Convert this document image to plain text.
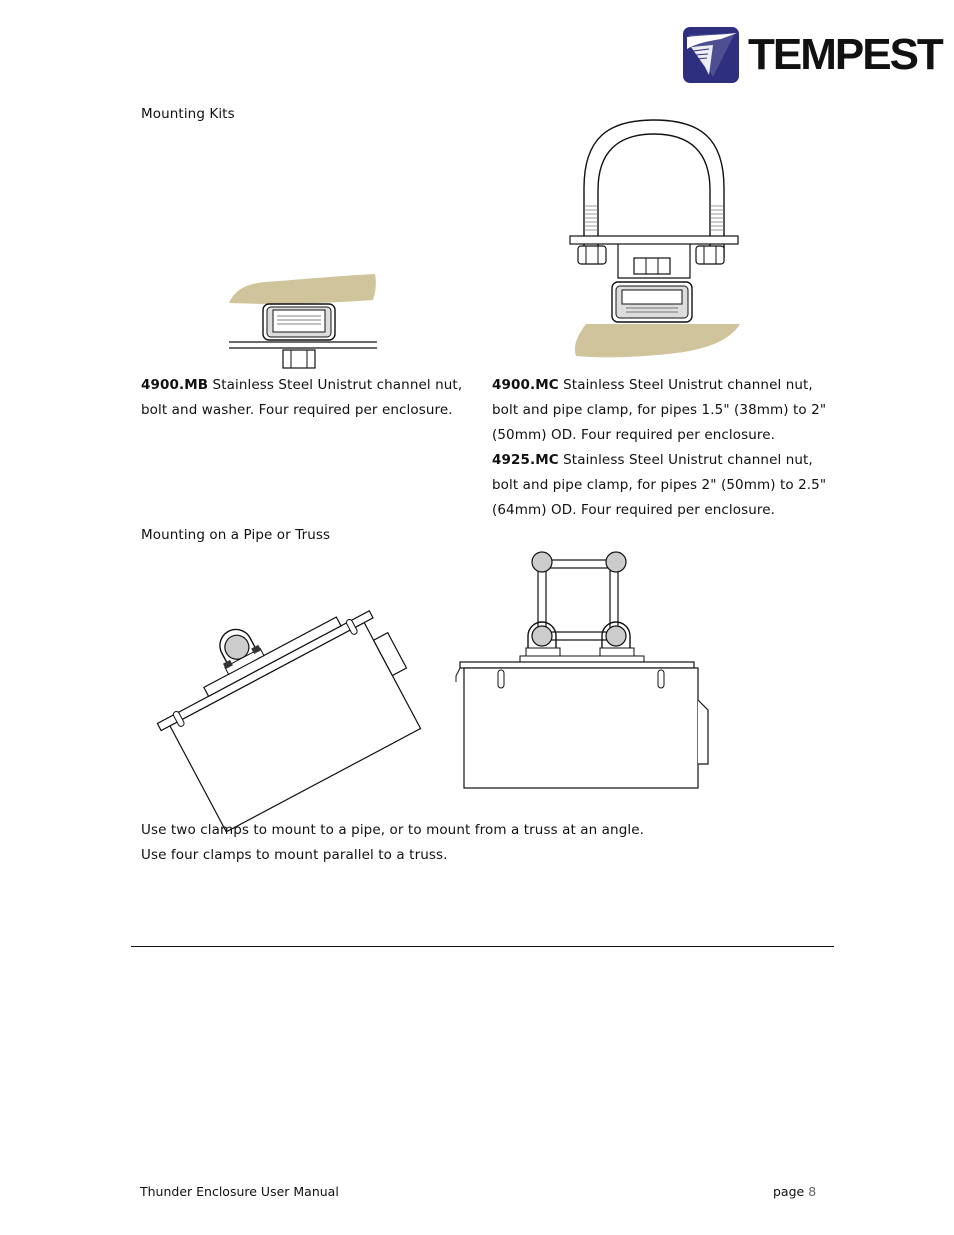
TEMPEST
Mounting Kits
4900.MB Stainless Steel Unistrut channel nut,
bolt and washer. Four required per enclosure.
4900.MC Stainless Steel Unistrut channel nut,
bolt and pipe clamp, for pipes 1.5" (38mm) to 2"
(50mm) OD. Four required per enclosure.
4925.MC Stainless Steel Unistrut channel nut,
bolt and pipe clamp, for pipes 2" (50mm) to 2.5"
(64mm) OD. Four required per enclosure.
Mounting on a Pipe or Truss
Use two clamps to mount to a pipe, or to mount from a truss at an angle.
Use four clamps to mount parallel to a truss.
Thunder Enclosure User Manual	page 8
